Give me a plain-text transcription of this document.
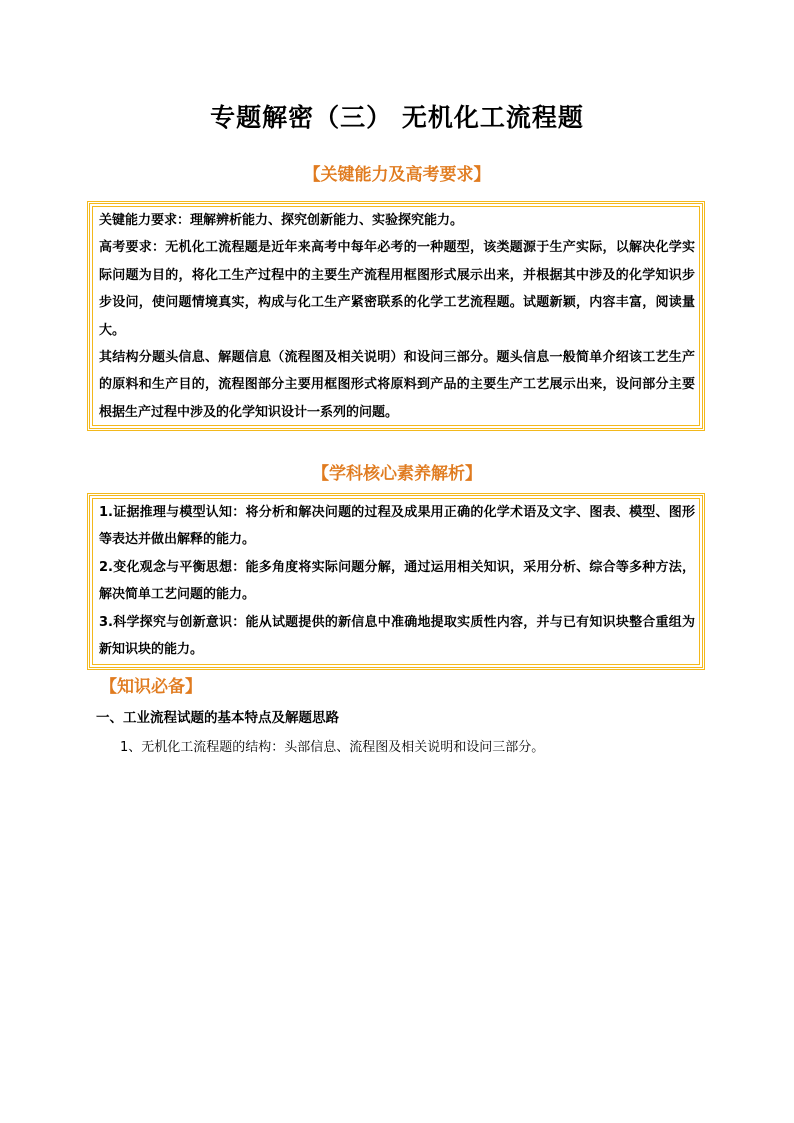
专题解密（三） 无机化工流程题
【关键能力及高考要求】

关键能力要求：理解辨析能力、探究创新能力、实验探究能力。

高考要求：无机化工流程题是近年来高考中每年必考的一种题型，该类题源于生产实际，以解决化学实际问题为目的，将化工生产过程中的主要生产流程用框图形式展示出来，并根据其中涉及的化学知识步步设问，使问题情境真实，构成与化工生产紧密联系的化学工艺流程题。试题新颖，内容丰富，阅读量大。

其结构分题头信息、解题信息（流程图及相关说明）和设问三部分。题头信息一般简单介绍该工艺生产的原料和生产目的，流程图部分主要用框图形式将原料到产品的主要生产工艺展示出来，设问部分主要根据生产过程中涉及的化学知识设计一系列的问题。

【学科核心素养解析】

1.证据推理与模型认知：将分析和解决问题的过程及成果用正确的化学术语及文字、图表、模型、图形等表达并做出解释的能力。

2.变化观念与平衡思想：能多角度将实际问题分解，通过运用相关知识，采用分析、综合等多种方法，解决简单工艺问题的能力。

3.科学探究与创新意识：能从试题提供的新信息中准确地提取实质性内容，并与已有知识块整合重组为新知识块的能力。

【知识必备】
一、工业流程试题的基本特点及解题思路
1、无机化工流程题的结构：头部信息、流程图及相关说明和设问三部分。
